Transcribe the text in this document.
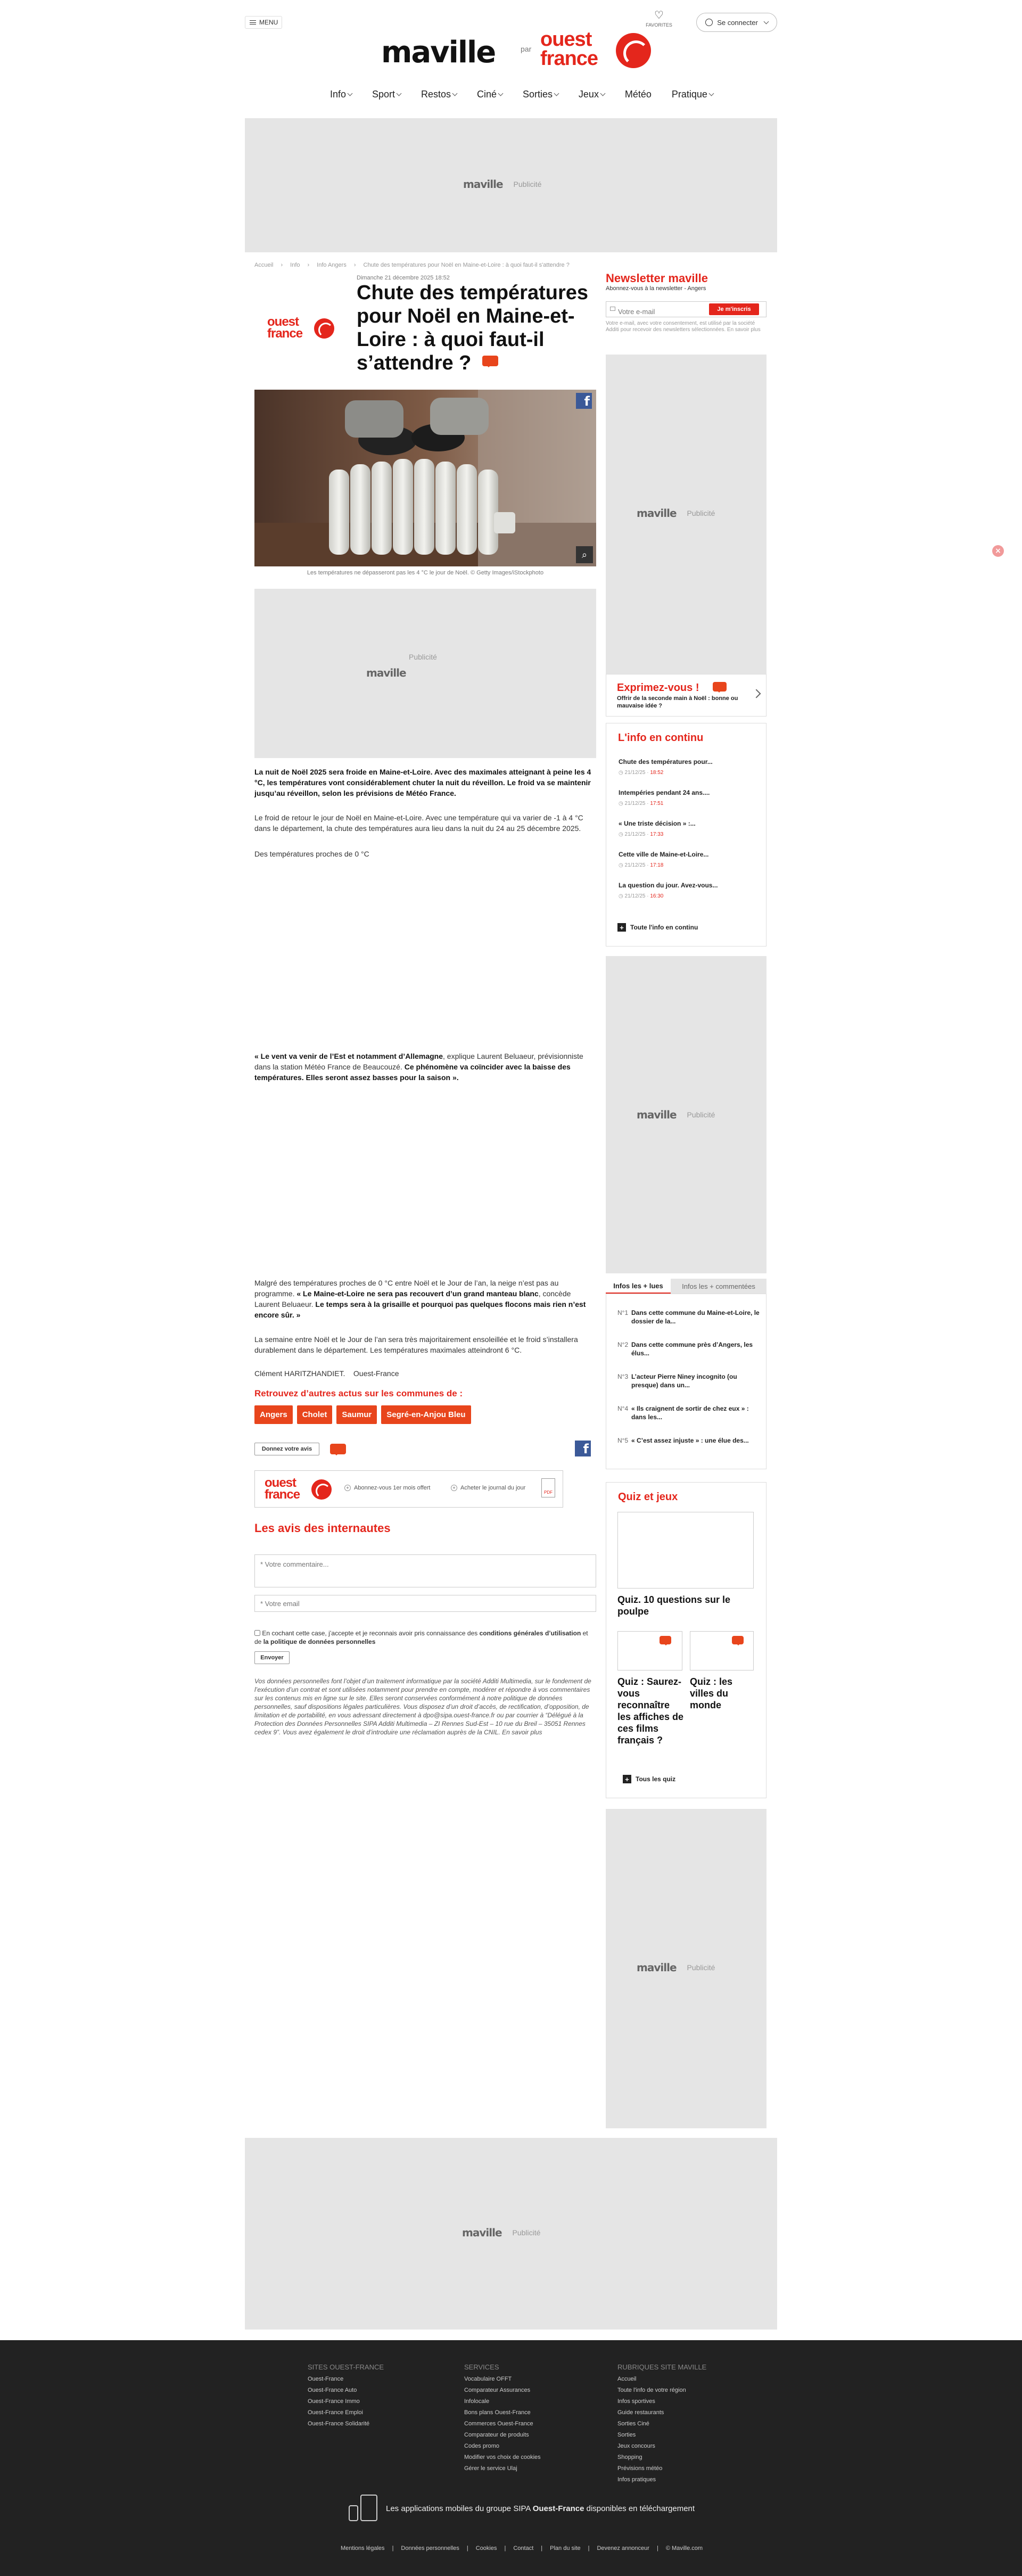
MENU
maville	par ouest france
♡
FAVORITES	Se connecter
Info	Sport	Restos	Ciné	Sorties	Jeux	Météo Pratique
maville Publicité
Accueil › Info › Info Angers › Chute des températures pour Noël en Maine-et-Loire : à quoi faut-il s'attendre ?
Dimanche 21 décembre 2025 18:52
Chute des températures pour Noël en Maine-et-Loire : à quoi faut-il s’attendre ?
ouest france
f
⌕
Les températures ne dépasseront pas les 4 °C le jour de Noël. © Getty Images/iStockphoto
Publicité
maville

La nuit de Noël 2025 sera froide en Maine-et-Loire. Avec des maximales atteignant à peine les 4 °C, les températures vont considérablement chuter la nuit du réveillon. Le froid va se maintenir jusqu’au réveillon, selon les prévisions de Météo France.

Le froid de retour le jour de Noël en Maine-et-Loire. Avec une température qui va varier de -1 à 4 °C dans le département, la chute des températures aura lieu dans la nuit du 24 au 25 décembre 2025.

Des températures proches de 0 °C

« Le vent va venir de l’Est et notamment d’Allemagne, explique Laurent Beluaeur, prévisionniste dans la station Météo France de Beaucouzé. Ce phénomène va coïncider avec la baisse des températures. Elles seront assez basses pour la saison ».

Malgré des températures proches de 0 °C entre Noël et le Jour de l’an, la neige n’est pas au programme. « Le Maine-et-Loire ne sera pas recouvert d’un grand manteau blanc, concède Laurent Beluaeur. Le temps sera à la grisaille et pourquoi pas quelques flocons mais rien n’est encore sûr. »

La semaine entre Noël et le Jour de l’an sera très majoritairement ensoleillée et le froid s’installera durablement dans le département. Les températures maximales atteindront 6 °C.

Clément HARITZHANDIET.    Ouest-France

Retrouvez d’autres actus sur les communes de :
Angers	Cholet	Saumur	Segré-en-Anjou Bleu
Donnez votre avis	f
ouest france	+ Abonnez-vous 1er mois offert	+ Acheter le journal du jour
PDF
Les avis des internautes
* Votre commentaire...
* Votre email
En cochant cette case, j’accepte et je reconnais avoir pris connaissance des conditions générales d’utilisation et de la politique de données personnelles
Envoyer

Vos données personnelles font l’objet d’un traitement informatique par la société Additi Multimedia, sur le fondement de l’exécution d’un contrat et sont utilisées notamment pour prendre en compte, modérer et répondre à vos commentaires sur les contenus mis en ligne sur le site. Elles seront conservées conformément à notre politique de données personnelles, sauf dispositions légales particulières. Vous disposez d’un droit d’accès, de rectification, d’opposition, de limitation et de portabilité, en vous adressant directement à dpo@sipa.ouest-france.fr ou par courrier à “Délégué à la Protection des Données Personnelles SIPA Additi Multimedia – ZI Rennes Sud-Est – 10 rue du Breil – 35051 Rennes cedex 9”. Vous avez également le droit d’introduire une réclamation auprès de la CNIL. En savoir plus

Newsletter maville
Abonnez-vous à la newsletter - Angers
Votre e-mail
Je m'inscris
Votre e-mail, avec votre consentement, est utilisé par la société Additi pour recevoir des newsletters sélectionnées. En savoir plus
maville Publicité
Exprimez-vous !
Offrir de la seconde main à Noël : bonne ou mauvaise idée ?
L'info en continu
Chute des températures pour...
◷ 21/12/25 · 18:52
Intempéries pendant 24 ans....
◷ 21/12/25 · 17:51
« Une triste décision » :...
◷ 21/12/25 · 17:33
Cette ville de Maine-et-Loire...
◷ 21/12/25 · 17:18
La question du jour. Avez-vous...
◷ 21/12/25 · 16:30
+	Toute l'info en continu
maville Publicité
Infos les + lues	Infos les + commentées
N°1 Dans cette commune du Maine-et-Loire, le dossier de la...
N°2 Dans cette commune près d’Angers, les élus...
N°3 L’acteur Pierre Niney incognito (ou presque) dans un...
N°4 « Ils craignent de sortir de chez eux » : dans les...
N°5 « C’est assez injuste » : une élue des...
Quiz et jeux
Quiz. 10 questions sur le poulpe
Quiz : Saurez-vous reconnaître les affiches de ces films français ?
Quiz : les villes du monde
+	Tous les quiz
maville Publicité
maville Publicité
×
SITES OUEST-FRANCE
Ouest-France
Ouest-France Auto
Ouest-France Immo
Ouest-France Emploi
Ouest-France Solidarité
SERVICES
Vocabulaire OFFT
Comparateur Assurances
Infolocale
Bons plans Ouest-France
Commerces Ouest-France
Comparateur de produits
Codes promo
Modifier vos choix de cookies
Gérer le service Ulaj
RUBRIQUES SITE MAVILLE
Accueil
Toute l'info de votre région
Infos sportives
Guide restaurants
Sorties Ciné
Sorties
Jeux concours
Shopping
Prévisions météo
Infos pratiques
Les applications mobiles du groupe SIPA Ouest-France disponibles en téléchargement
Mentions légales | Données personnelles | Cookies | Contact | Plan du site | Devenez annonceur | © Maville.com
